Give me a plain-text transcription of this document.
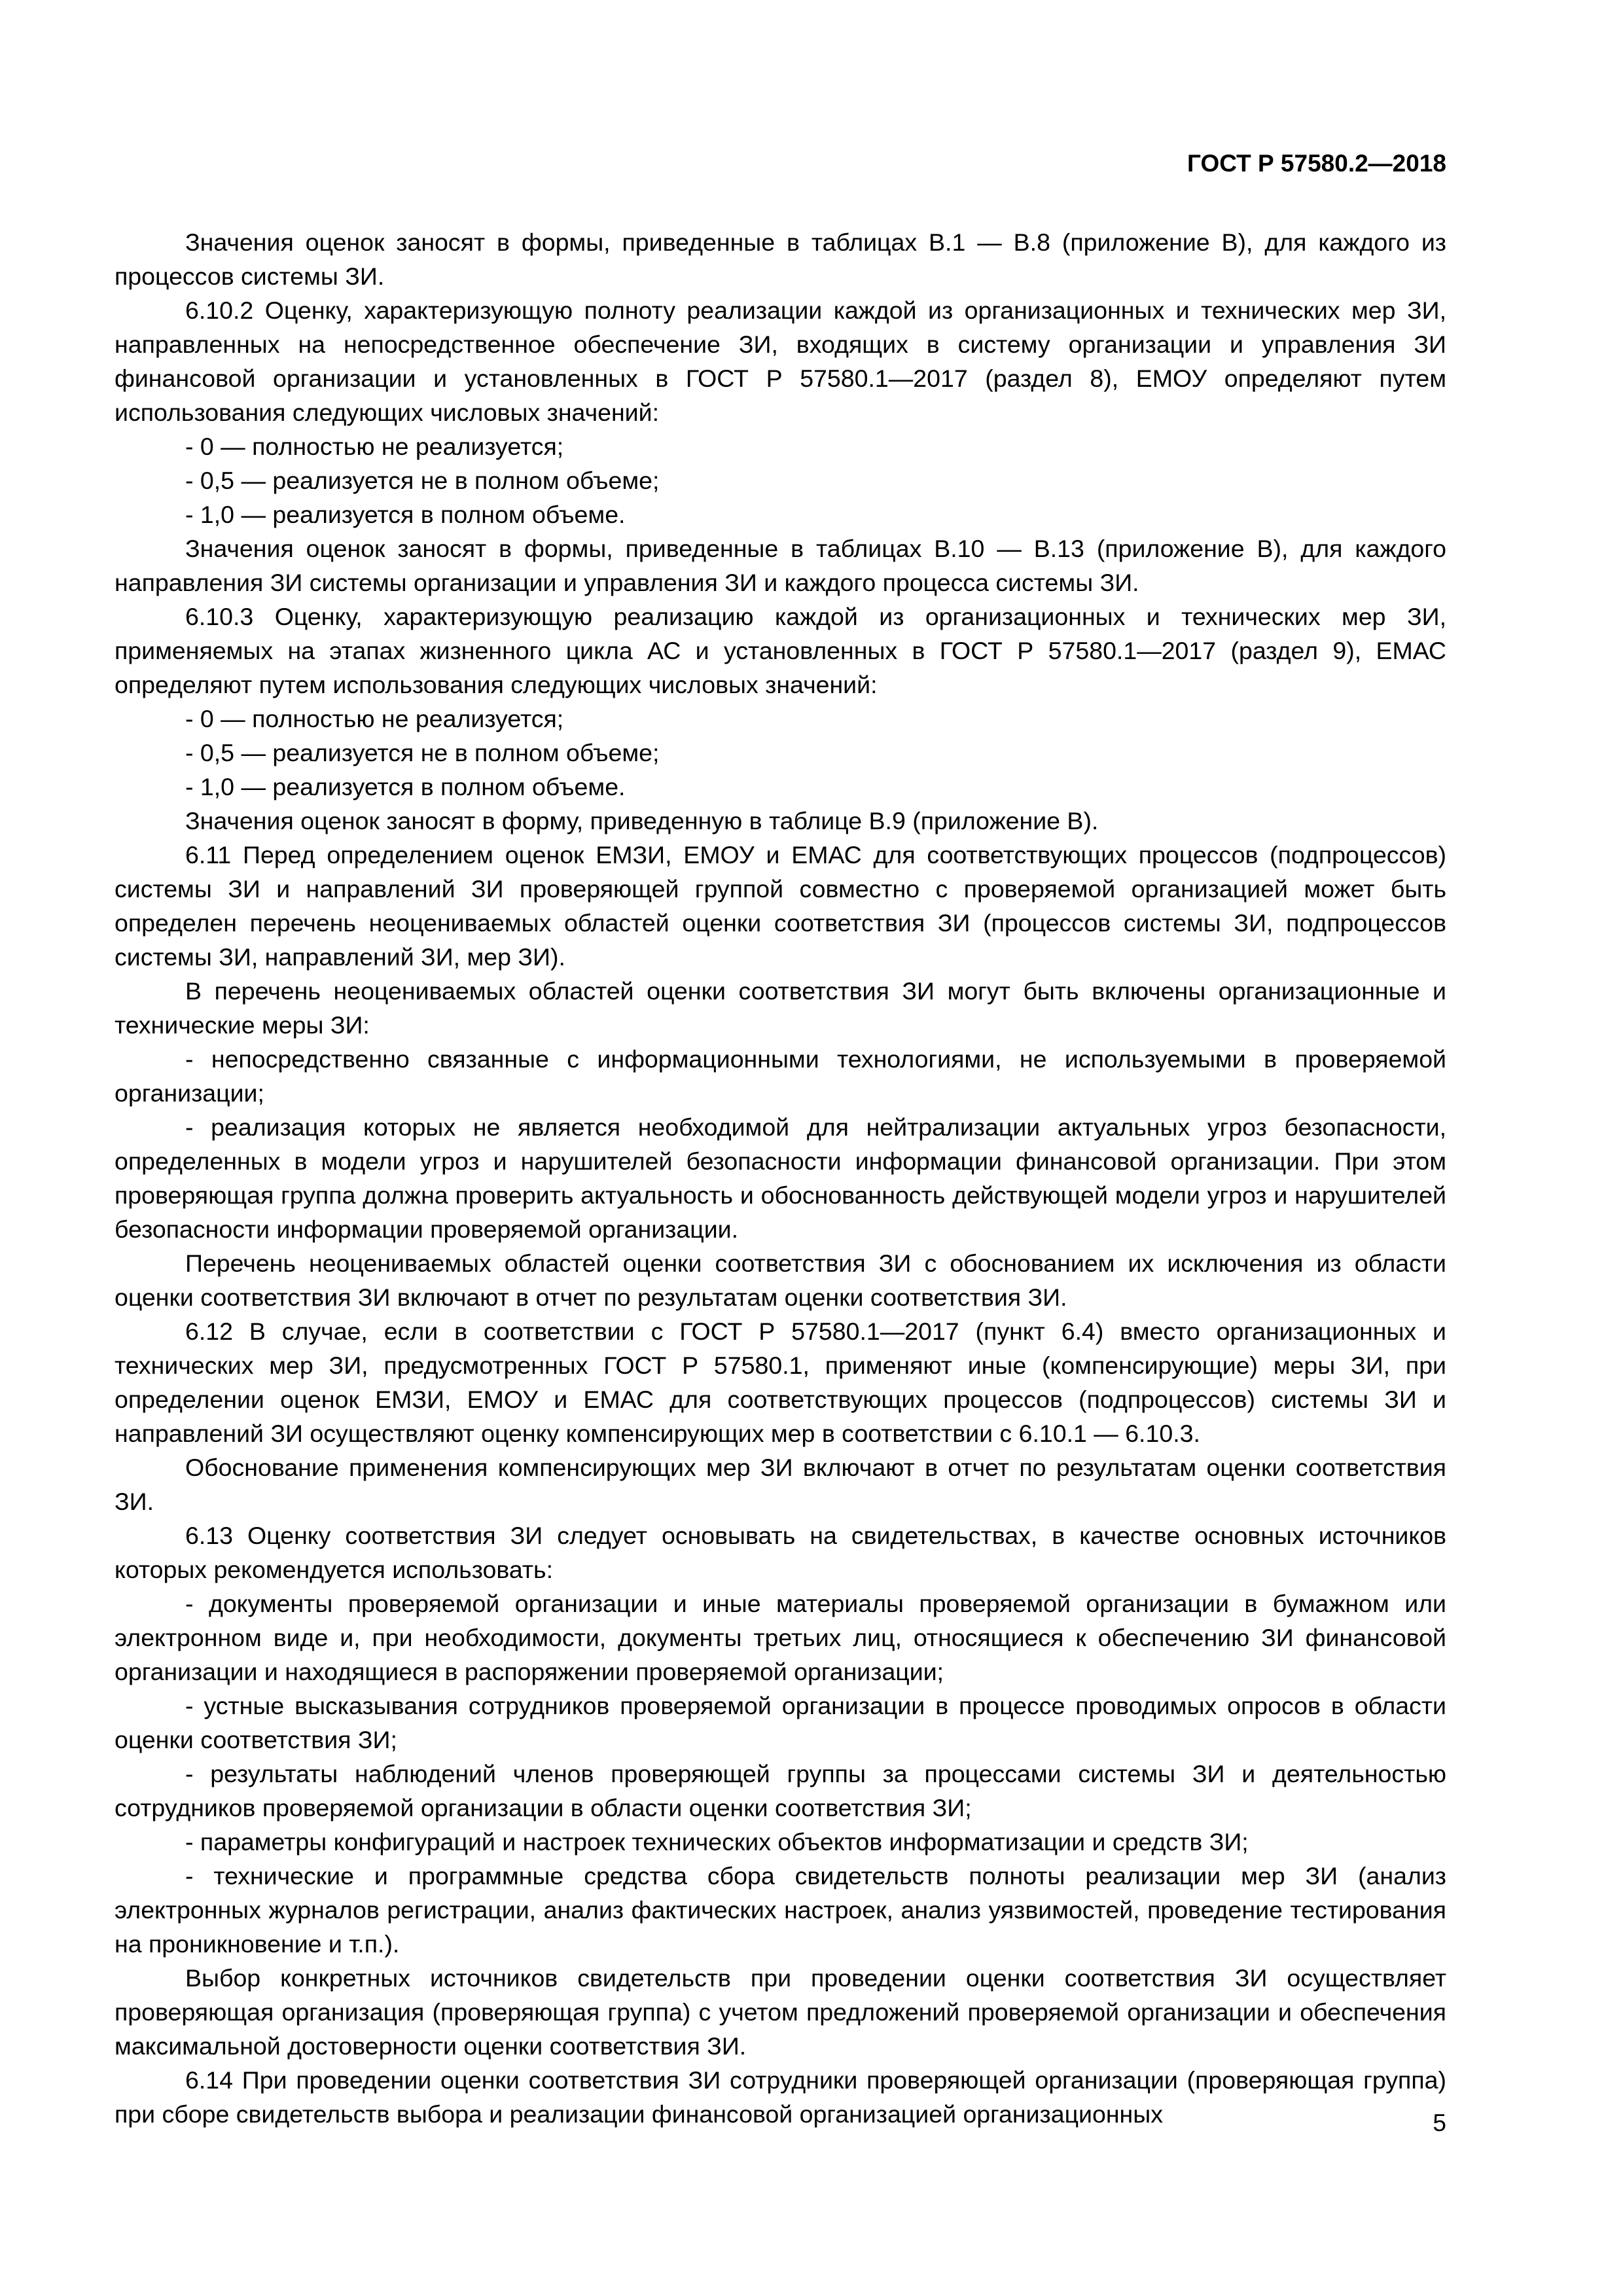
ГОСТ Р 57580.2—2018

Значения оценок заносят в формы, приведенные в таблицах В.1 — В.8 (приложение В), для каждого из процессов системы ЗИ.

6.10.2 Оценку, характеризующую полноту реализации каждой из организационных и технических мер ЗИ, направленных на непосредственное обеспечение ЗИ, входящих в систему организации и управления ЗИ финансовой организации и установленных в ГОСТ Р 57580.1—2017 (раздел 8), EМОУ определяют путем использования следующих числовых значений:

- 0 — полностью не реализуется;

- 0,5 — реализуется не в полном объеме;

- 1,0 — реализуется в полном объеме.

Значения оценок заносят в формы, приведенные в таблицах В.10 — В.13 (приложение В), для каждого направления ЗИ системы организации и управления ЗИ и каждого процесса системы ЗИ.

6.10.3 Оценку, характеризующую реализацию каждой из организационных и технических мер ЗИ, применяемых на этапах жизненного цикла АС и установленных в ГОСТ Р 57580.1—2017 (раздел 9), EМАС определяют путем использования следующих числовых значений:

- 0 — полностью не реализуется;

- 0,5 — реализуется не в полном объеме;

- 1,0 — реализуется в полном объеме.

Значения оценок заносят в форму, приведенную в таблице В.9 (приложение В).

6.11 Перед определением оценок EМЗИ, EМОУ и EМАС для соответствующих процессов (подпроцессов) системы ЗИ и направлений ЗИ проверяющей группой совместно с проверяемой организацией может быть определен перечень неоцениваемых областей оценки соответствия ЗИ (процессов системы ЗИ, подпроцессов системы ЗИ, направлений ЗИ, мер ЗИ).

В перечень неоцениваемых областей оценки соответствия ЗИ могут быть включены организационные и технические меры ЗИ:

- непосредственно связанные с информационными технологиями, не используемыми в проверяемой организации;

- реализация которых не является необходимой для нейтрализации актуальных угроз безопасности, определенных в модели угроз и нарушителей безопасности информации финансовой организации. При этом проверяющая группа должна проверить актуальность и обоснованность действующей модели угроз и нарушителей безопасности информации проверяемой организации.

Перечень неоцениваемых областей оценки соответствия ЗИ с обоснованием их исключения из области оценки соответствия ЗИ включают в отчет по результатам оценки соответствия ЗИ.

6.12 В случае, если в соответствии с ГОСТ Р 57580.1—2017 (пункт 6.4) вместо организационных и технических мер ЗИ, предусмотренных ГОСТ Р 57580.1, применяют иные (компенсирующие) меры ЗИ, при определении оценок EМЗИ, EМОУ и EМАС для соответствующих процессов (подпроцессов) системы ЗИ и направлений ЗИ осуществляют оценку компенсирующих мер в соответствии с 6.10.1 — 6.10.3.

Обоснование применения компенсирующих мер ЗИ включают в отчет по результатам оценки соответствия ЗИ.

6.13 Оценку соответствия ЗИ следует основывать на свидетельствах, в качестве основных источников которых рекомендуется использовать:

- документы проверяемой организации и иные материалы проверяемой организации в бумажном или электронном виде и, при необходимости, документы третьих лиц, относящиеся к обеспечению ЗИ финансовой организации и находящиеся в распоряжении проверяемой организации;

- устные высказывания сотрудников проверяемой организации в процессе проводимых опросов в области оценки соответствия ЗИ;

- результаты наблюдений членов проверяющей группы за процессами системы ЗИ и деятельностью сотрудников проверяемой организации в области оценки соответствия ЗИ;

- параметры конфигураций и настроек технических объектов информатизации и средств ЗИ;

- технические и программные средства сбора свидетельств полноты реализации мер ЗИ (анализ электронных журналов регистрации, анализ фактических настроек, анализ уязвимостей, проведение тестирования на проникновение и т.п.).

Выбор конкретных источников свидетельств при проведении оценки соответствия ЗИ осуществляет проверяющая организация (проверяющая группа) с учетом предложений проверяемой организации и обеспечения максимальной достоверности оценки соответствия ЗИ.

6.14 При проведении оценки соответствия ЗИ сотрудники проверяющей организации (проверяющая группа) при сборе свидетельств выбора и реализации финансовой организацией организационных	5
